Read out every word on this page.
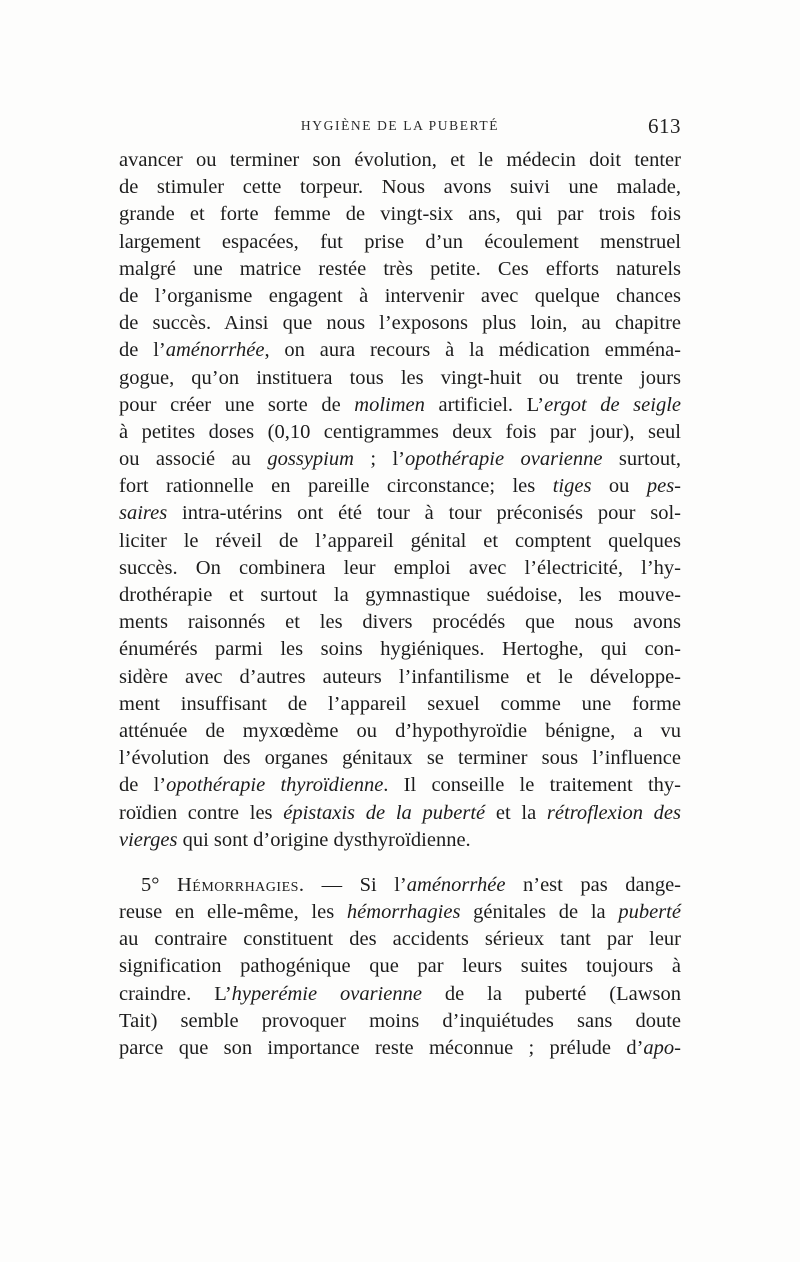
HYGIÈNE DE LA PUBERTÉ	613
avancer ou terminer son évolution, et le médecin doit tenter
de stimuler cette torpeur. Nous avons suivi une malade,
grande et forte femme de vingt-six ans, qui par trois fois
largement espacées, fut prise d’un écoulement menstruel
malgré une matrice restée très petite. Ces efforts naturels
de l’organisme engagent à intervenir avec quelque chances
de succès. Ainsi que nous l’exposons plus loin, au chapitre
de l’aménorrhée, on aura recours à la médication emména-
gogue, qu’on instituera tous les vingt-huit ou trente jours
pour créer une sorte de molimen artificiel. L’ergot de seigle
à petites doses (0,10 centigrammes deux fois par jour), seul
ou associé au gossypium ; l’opothérapie ovarienne surtout,
fort rationnelle en pareille circonstance; les tiges ou pes-
saires intra-utérins ont été tour à tour préconisés pour sol-
liciter le réveil de l’appareil génital et comptent quelques
succès. On combinera leur emploi avec l’électricité, l’hy-
drothérapie et surtout la gymnastique suédoise, les mouve-
ments raisonnés et les divers procédés que nous avons
énumérés parmi les soins hygiéniques. Hertoghe, qui con-
sidère avec d’autres auteurs l’infantilisme et le développe-
ment insuffisant de l’appareil sexuel comme une forme
atténuée de myxœdème ou d’hypothyroïdie bénigne, a vu
l’évolution des organes génitaux se terminer sous l’influence
de l’opothérapie thyroïdienne. Il conseille le traitement thy-
roïdien contre les épistaxis de la puberté et la rétroflexion des
vierges qui sont d’origine dysthyroïdienne.
5° Hémorrhagies. — Si l’aménorrhée n’est pas dange-
reuse en elle-même, les hémorrhagies génitales de la puberté
au contraire constituent des accidents sérieux tant par leur
signification pathogénique que par leurs suites toujours à
craindre. L’hyperémie ovarienne de la puberté (Lawson
Tait) semble provoquer moins d’inquiétudes sans doute
parce que son importance reste méconnue ; prélude d’apo-
